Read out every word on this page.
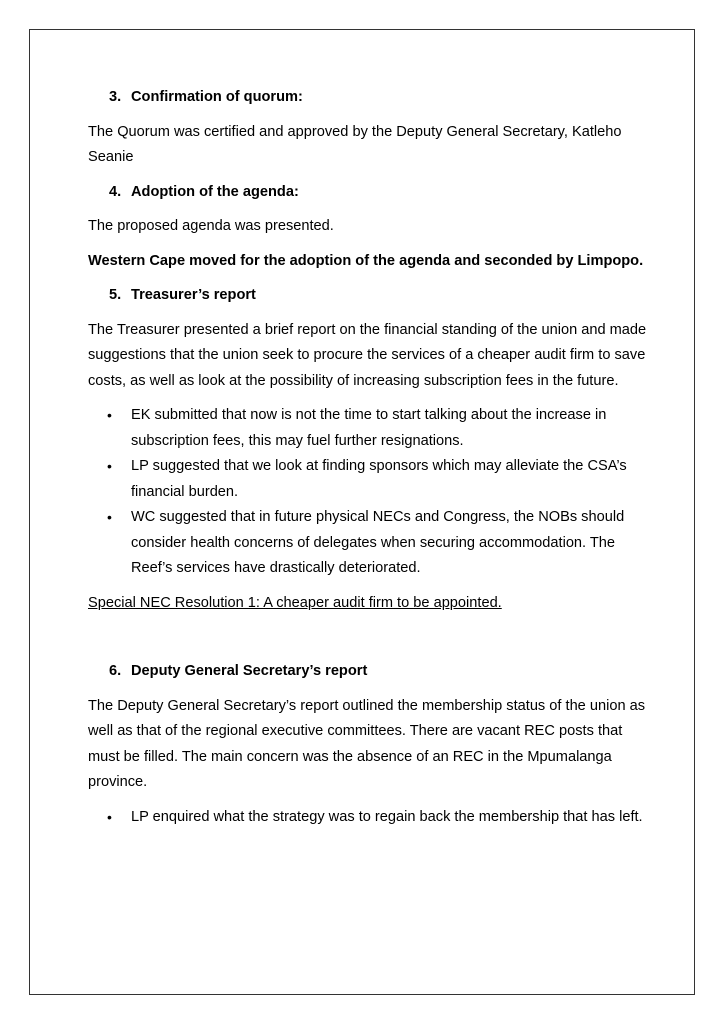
3. Confirmation of quorum:

The Quorum was certified and approved by the Deputy General Secretary, Katleho Seanie

4. Adoption of the agenda:

The proposed agenda was presented.

Western Cape moved for the adoption of the agenda and seconded by Limpopo.

5. Treasurer’s report

The Treasurer presented a brief report on the financial standing of the union and made suggestions that the union seek to procure the services of a cheaper audit firm to save costs, as well as look at the possibility of increasing subscription fees in the future.

• EK submitted that now is not the time to start talking about the increase in subscription fees, this may fuel further resignations.
• LP suggested that we look at finding sponsors which may alleviate the CSA’s financial burden.
• WC suggested that in future physical NECs and Congress, the NOBs should consider health concerns of delegates when securing accommodation. The Reef’s services have drastically deteriorated.

Special NEC Resolution 1: A cheaper audit firm to be appointed.

6. Deputy General Secretary’s report

The Deputy General Secretary’s report outlined the membership status of the union as well as that of the regional executive committees. There are vacant REC posts that must be filled. The main concern was the absence of an REC in the Mpumalanga province.

• LP enquired what the strategy was to regain back the membership that has left.
